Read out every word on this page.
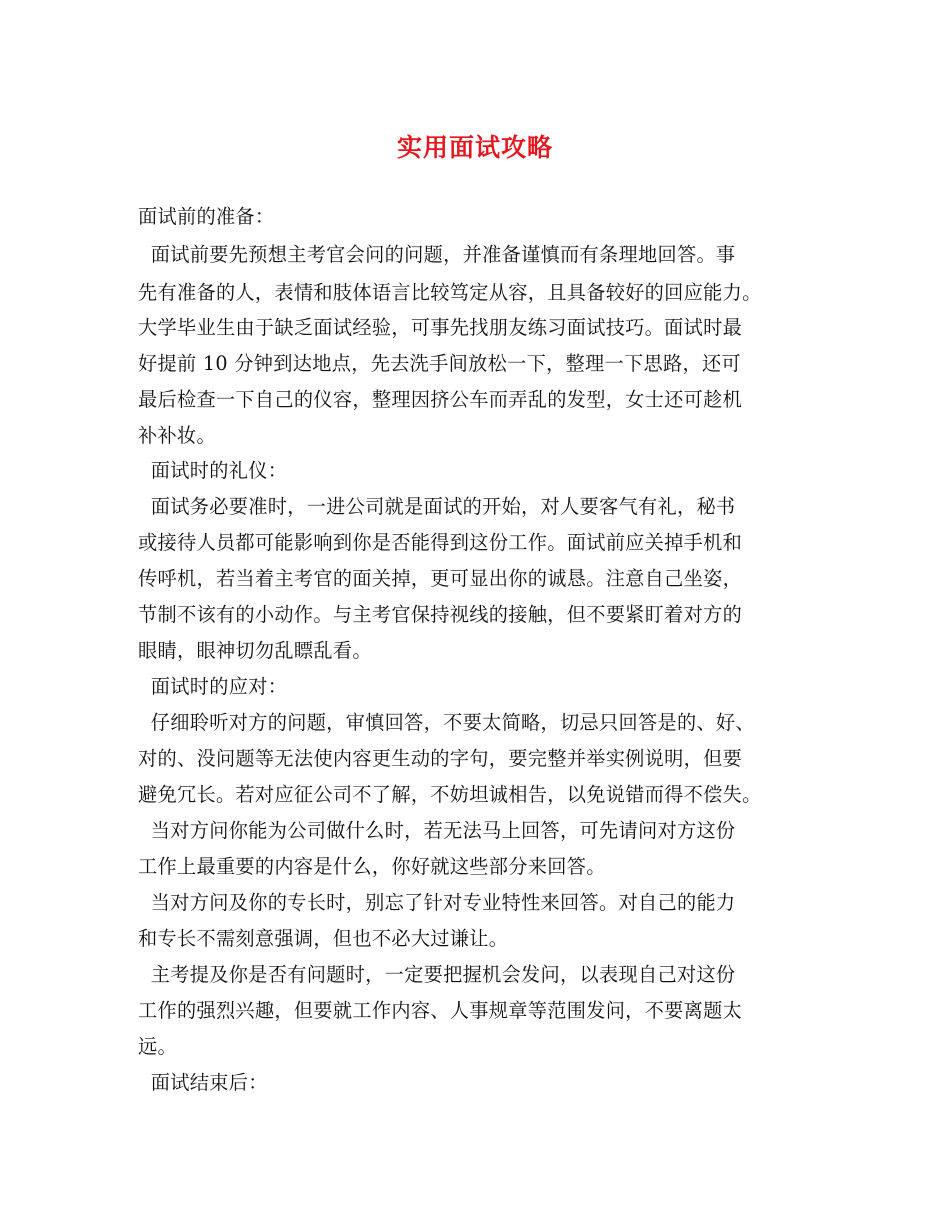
实用面试攻略
面试前的准备：
面试前要先预想主考官会问的问题，并准备谨慎而有条理地回答。事
先有准备的人，表情和肢体语言比较笃定从容，且具备较好的回应能力。
大学毕业生由于缺乏面试经验，可事先找朋友练习面试技巧。面试时最
好提前 10 分钟到达地点，先去洗手间放松一下，整理一下思路，还可
最后检查一下自己的仪容，整理因挤公车而弄乱的发型，女士还可趁机
补补妆。
面试时的礼仪：
面试务必要准时，一进公司就是面试的开始，对人要客气有礼，秘书
或接待人员都可能影响到你是否能得到这份工作。面试前应关掉手机和
传呼机，若当着主考官的面关掉，更可显出你的诚恳。注意自己坐姿，
节制不该有的小动作。与主考官保持视线的接触，但不要紧盯着对方的
眼睛，眼神切勿乱瞟乱看。
面试时的应对：
仔细聆听对方的问题，审慎回答，不要太简略，切忌只回答是的、好、
对的、没问题等无法使内容更生动的字句，要完整并举实例说明，但要
避免冗长。若对应征公司不了解，不妨坦诚相告，以免说错而得不偿失。
当对方问你能为公司做什么时，若无法马上回答，可先请问对方这份
工作上最重要的内容是什么，你好就这些部分来回答。
当对方问及你的专长时，别忘了针对专业特性来回答。对自己的能力
和专长不需刻意强调，但也不必大过谦让。
主考提及你是否有问题时，一定要把握机会发问，以表现自己对这份
工作的强烈兴趣，但要就工作内容、人事规章等范围发问，不要离题太
远。
面试结束后：
